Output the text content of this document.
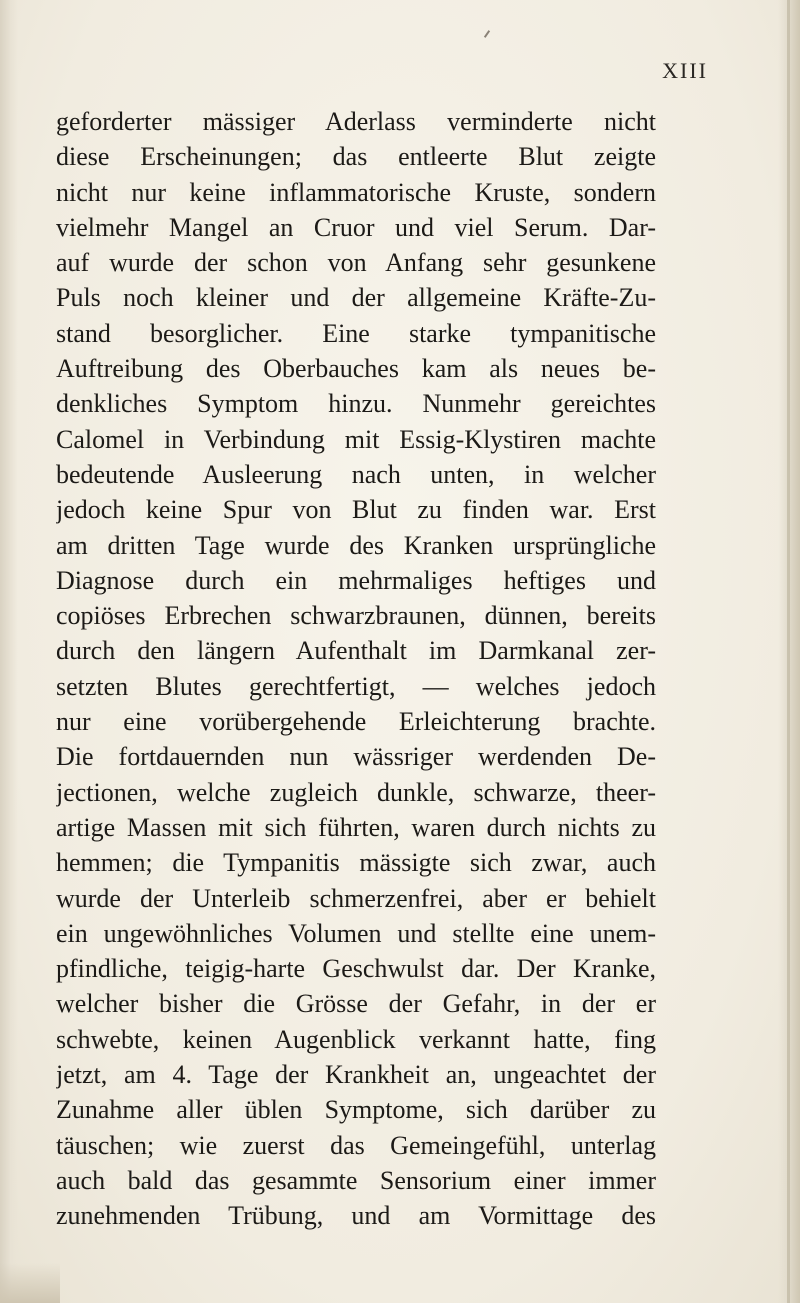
XIII
geforderter mässiger Aderlass verminderte nicht
diese Erscheinungen; das entleerte Blut zeigte
nicht nur keine inflammatorische Kruste, sondern
vielmehr Mangel an Cruor und viel Serum. Dar-
auf wurde der schon von Anfang sehr gesunkene
Puls noch kleiner und der allgemeine Kräfte-Zu-
stand besorglicher. Eine starke tympanitische
Auftreibung des Oberbauches kam als neues be-
denkliches Symptom hinzu. Nunmehr gereichtes
Calomel in Verbindung mit Essig-Klystiren machte
bedeutende Ausleerung nach unten, in welcher
jedoch keine Spur von Blut zu finden war. Erst
am dritten Tage wurde des Kranken ursprüngliche
Diagnose durch ein mehrmaliges heftiges und
copiöses Erbrechen schwarzbraunen, dünnen, bereits
durch den längern Aufenthalt im Darmkanal zer-
setzten Blutes gerechtfertigt, — welches jedoch
nur eine vorübergehende Erleichterung brachte.
Die fortdauernden nun wässriger werdenden De-
jectionen, welche zugleich dunkle, schwarze, theer-
artige Massen mit sich führten, waren durch nichts zu
hemmen; die Tympanitis mässigte sich zwar, auch
wurde der Unterleib schmerzenfrei, aber er behielt
ein ungewöhnliches Volumen und stellte eine unem-
pfindliche, teigig-harte Geschwulst dar. Der Kranke,
welcher bisher die Grösse der Gefahr, in der er
schwebte, keinen Augenblick verkannt hatte, fing
jetzt, am 4. Tage der Krankheit an, ungeachtet der
Zunahme aller üblen Symptome, sich darüber zu
täuschen; wie zuerst das Gemeingefühl, unterlag
auch bald das gesammte Sensorium einer immer
zunehmenden Trübung, und am Vormittage des
